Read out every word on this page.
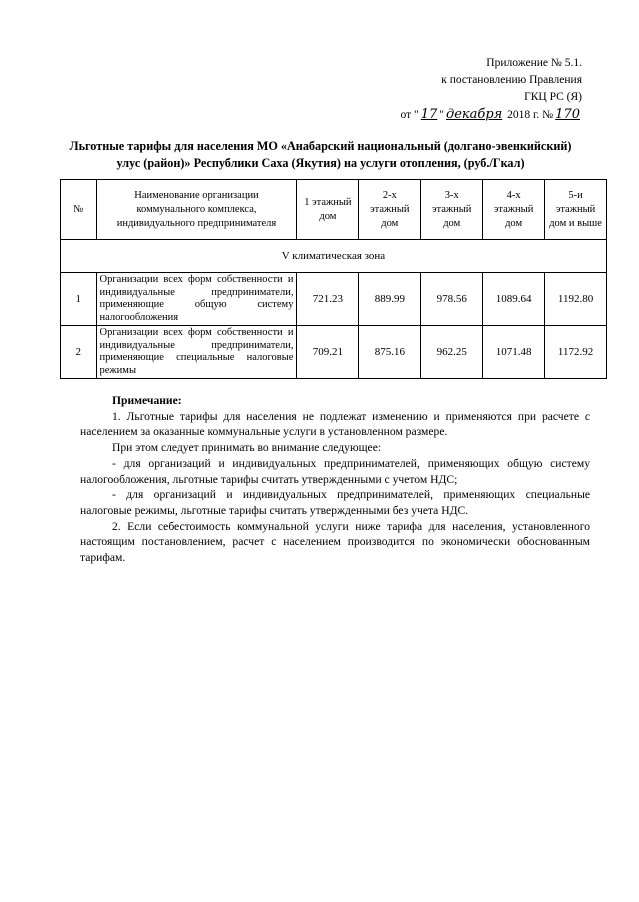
Приложение № 5.1.
к постановлению Правления
ГКЦ РС (Я)
от " 17 " декабря 2018 г. № 170
Льготные тарифы для населения МО «Анабарский национальный (долгано-эвенкийский) улус (район)» Республики Саха (Якутия) на услуги отопления, (руб./Гкал)
№	Наименование организации коммунального комплекса, индивидуального предпринимателя	1 этажный дом	2-х этажный дом	3-х этажный дом	4-х этажный дом	5-и этажный дом и выше
V климатическая зона						
1	Организации всех форм собственности и индивидуальные предприниматели, применяющие общую систему налогообложения	721.23	889.99	978.56	1089.64	1192.80
2	Организации всех форм собственности и индивидуальные предприниматели, применяющие специальные налоговые режимы	709.21	875.16	962.25	1071.48	1172.92

Примечание:

1. Льготные тарифы для населения не подлежат изменению и применяются при расчете с населением за оказанные коммунальные услуги в установленном размере.

При этом следует принимать во внимание следующее:

- для организаций и индивидуальных предпринимателей, применяющих общую систему налогообложения, льготные тарифы считать утвержденными с учетом НДС;

- для организаций и индивидуальных предпринимателей, применяющих специальные налоговые режимы, льготные тарифы считать утвержденными без учета НДС.

2. Если себестоимость коммунальной услуги ниже тарифа для населения, установленного настоящим постановлением, расчет с населением производится по экономически обоснованным тарифам.
